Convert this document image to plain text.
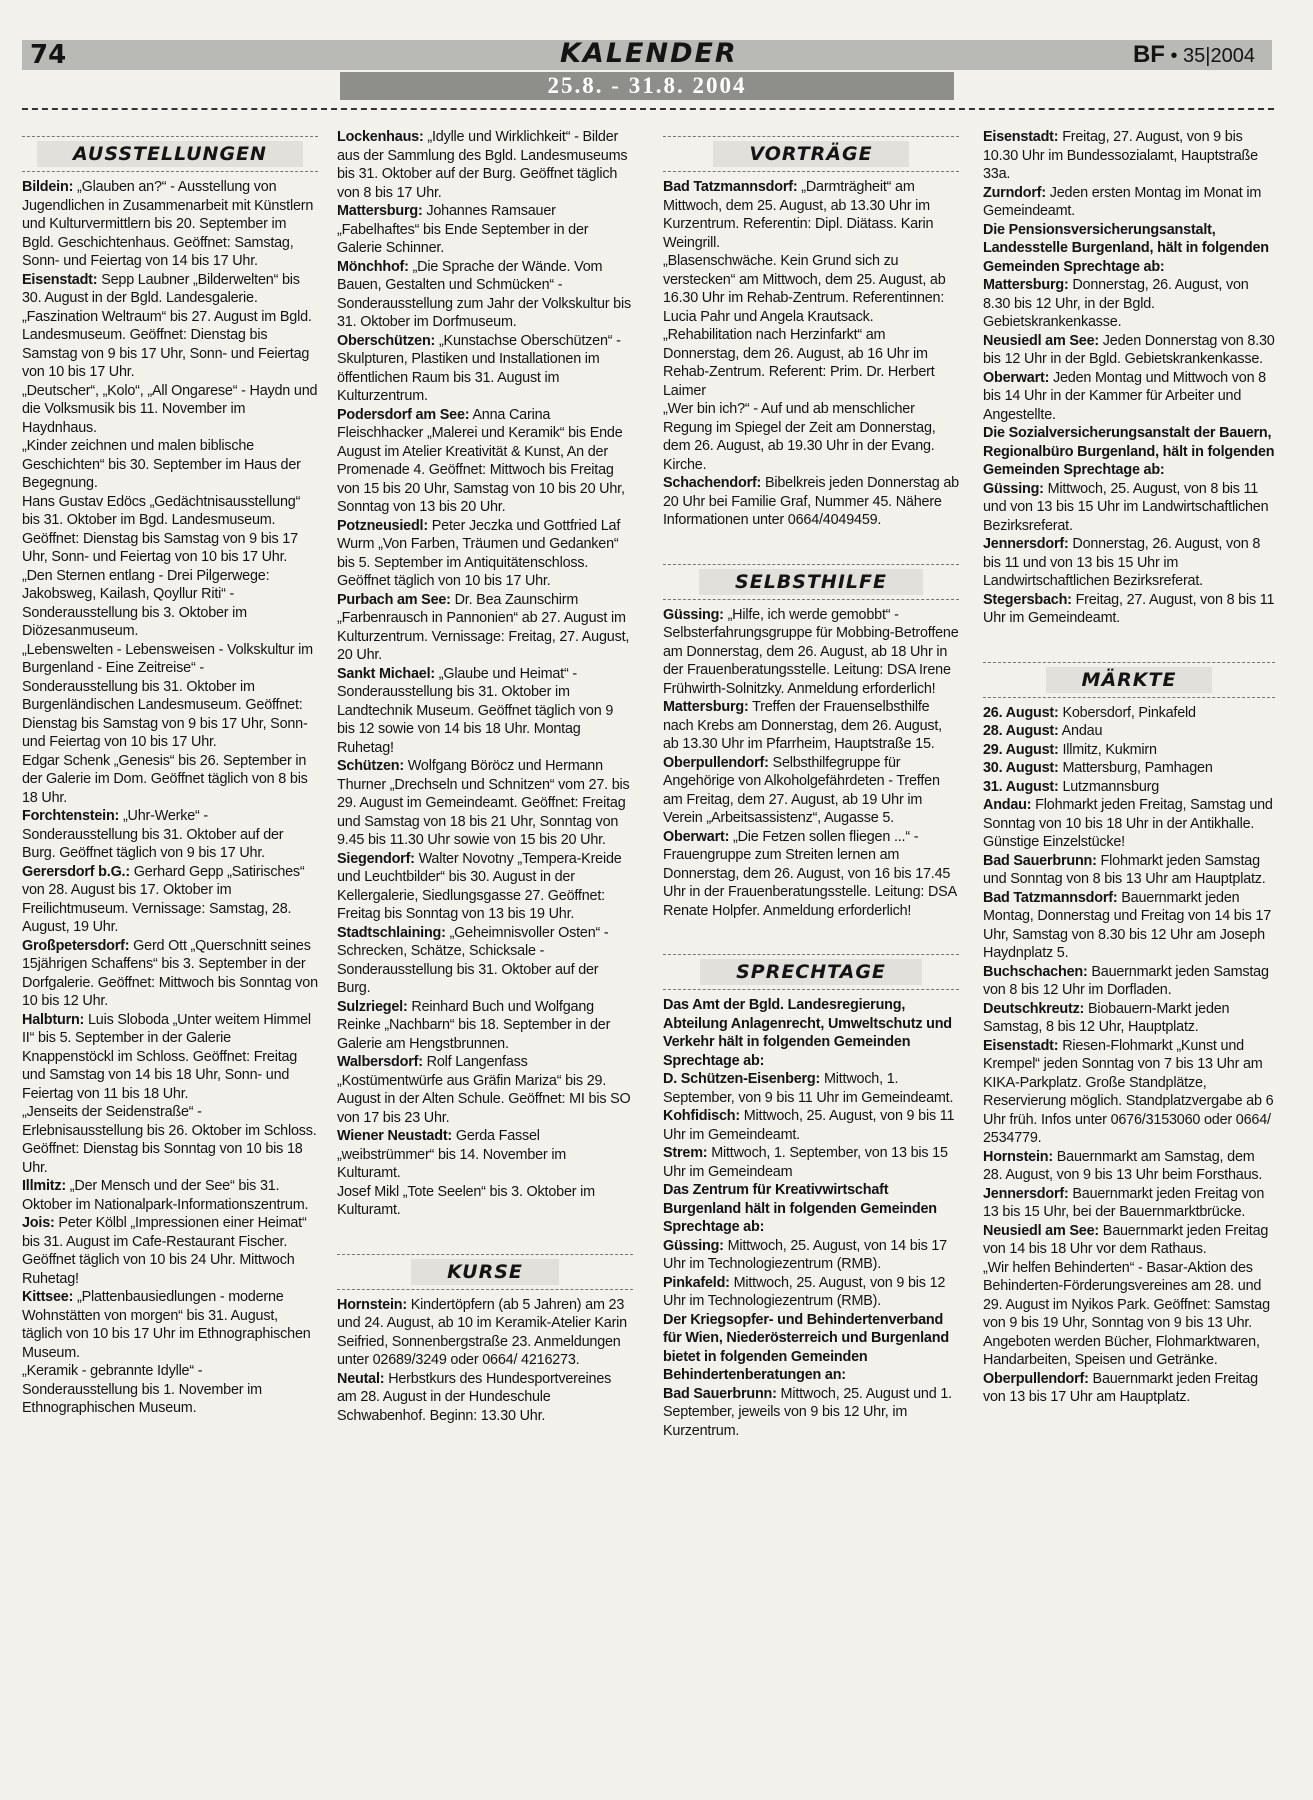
74	KALENDER	BF • 35|2004
25.8. - 31.8. 2004
AUSSTELLUNGEN

Bildein: „Glauben an?“ - Ausstellung von Jugendlichen in Zusammenarbeit mit Künstlern und Kulturvermittlern bis 20. September im Bgld. Geschichtenhaus. Geöffnet: Samstag, Sonn- und Feiertag von 14 bis 17 Uhr.

Eisenstadt: Sepp Laubner „Bilderwelten“ bis 30. August in der Bgld. Landesgalerie.

„Faszination Weltraum“ bis 27. August im Bgld. Landesmuseum. Geöffnet: Dienstag bis Samstag von 9 bis 17 Uhr, Sonn- und Feiertag von 10 bis 17 Uhr.

„Deutscher“, „Kolo“, „All Ongarese“ - Haydn und die Volksmusik bis 11. November im Haydnhaus.

„Kinder zeichnen und malen biblische Geschichten“ bis 30. September im Haus der Begegnung.

Hans Gustav Edöcs „Gedächtnisausstellung“ bis 31. Oktober im Bgd. Landesmuseum. Geöffnet: Dienstag bis Samstag von 9 bis 17 Uhr, Sonn- und Feiertag von 10 bis 17 Uhr.

„Den Sternen entlang - Drei Pilgerwege: Jakobsweg, Kailash, Qoyllur Riti“ - Sonderausstellung bis 3. Oktober im Diözesanmuseum.

„Lebenswelten - Lebensweisen - Volkskultur im Burgenland - Eine Zeitreise“ - Sonderausstellung bis 31. Oktober im Burgenländischen Landesmuseum. Geöffnet: Dienstag bis Samstag von 9 bis 17 Uhr, Sonn- und Feiertag von 10 bis 17 Uhr.

Edgar Schenk „Genesis“ bis 26. September in der Galerie im Dom. Geöffnet täglich von 8 bis 18 Uhr.

Forchtenstein: „Uhr-Werke“ - Sonderausstellung bis 31. Oktober auf der Burg. Geöffnet täglich von 9 bis 17 Uhr.

Gerersdorf b.G.: Gerhard Gepp „Satirisches“ von 28. August bis 17. Oktober im Freilichtmuseum. Vernissage: Samstag, 28. August, 19 Uhr.

Großpetersdorf: Gerd Ott „Querschnitt seines 15jährigen Schaffens“ bis 3. September in der Dorfgalerie. Geöffnet: Mittwoch bis Sonntag von 10 bis 12 Uhr.

Halbturn: Luis Sloboda „Unter weitem Himmel II“ bis 5. September in der Galerie Knappenstöckl im Schloss. Geöffnet: Freitag und Samstag von 14 bis 18 Uhr, Sonn- und Feiertag von 11 bis 18 Uhr.

„Jenseits der Seidenstraße“ - Erlebnisausstellung bis 26. Oktober im Schloss. Geöffnet: Dienstag bis Sonntag von 10 bis 18 Uhr.

Illmitz: „Der Mensch und der See“ bis 31. Oktober im Nationalpark-Informationszentrum.

Jois: Peter Kölbl „Impressionen einer Heimat“ bis 31. August im Cafe-Restaurant Fischer. Geöffnet täglich von 10 bis 24 Uhr. Mittwoch Ruhetag!

Kittsee: „Plattenbausiedlungen - moderne Wohnstätten von morgen“ bis 31. August, täglich von 10 bis 17 Uhr im Ethnographischen Museum.

„Keramik - gebrannte Idylle“ - Sonderausstellung bis 1. November im Ethnographischen Museum.

Lockenhaus: „Idylle und Wirklichkeit“ - Bilder aus der Sammlung des Bgld. Landesmuseums bis 31. Oktober auf der Burg. Geöffnet täglich von 8 bis 17 Uhr.

Mattersburg: Johannes Ramsauer „Fabelhaftes“ bis Ende September in der Galerie Schinner.

Mönchhof: „Die Sprache der Wände. Vom Bauen, Gestalten und Schmücken“ - Sonderausstellung zum Jahr der Volkskultur bis 31. Oktober im Dorfmuseum.

Oberschützen: „Kunstachse Oberschützen“ - Skulpturen, Plastiken und Installationen im öffentlichen Raum bis 31. August im Kulturzentrum.

Podersdorf am See: Anna Carina Fleischhacker „Malerei und Keramik“ bis Ende August im Atelier Kreativität & Kunst, An der Promenade 4. Geöffnet: Mittwoch bis Freitag von 15 bis 20 Uhr, Samstag von 10 bis 20 Uhr, Sonntag von 13 bis 20 Uhr.

Potzneusiedl: Peter Jeczka und Gottfried Laf Wurm „Von Farben, Träumen und Gedanken“ bis 5. September im Antiquitätenschloss. Geöffnet täglich von 10 bis 17 Uhr.

Purbach am See: Dr. Bea Zaunschirm „Farbenrausch in Pannonien“ ab 27. August im Kulturzentrum. Vernissage: Freitag, 27. August, 20 Uhr.

Sankt Michael: „Glaube und Heimat“ - Sonderausstellung bis 31. Oktober im Landtechnik Museum. Geöffnet täglich von 9 bis 12 sowie von 14 bis 18 Uhr. Montag Ruhetag!

Schützen: Wolfgang Böröcz und Hermann Thurner „Drechseln und Schnitzen“ vom 27. bis 29. August im Gemeindeamt. Geöffnet: Freitag und Samstag von 18 bis 21 Uhr, Sonntag von 9.45 bis 11.30 Uhr sowie von 15 bis 20 Uhr.

Siegendorf: Walter Novotny „Tempera-Kreide und Leuchtbilder“ bis 30. August in der Kellergalerie, Siedlungsgasse 27. Geöffnet: Freitag bis Sonntag von 13 bis 19 Uhr.

Stadtschlaining: „Geheimnisvoller Osten“ - Schrecken, Schätze, Schicksale - Sonderausstellung bis 31. Oktober auf der Burg.

Sulzriegel: Reinhard Buch und Wolfgang Reinke „Nachbarn“ bis 18. September in der Galerie am Hengstbrunnen.

Walbersdorf: Rolf Langenfass „Kostümentwürfe aus Gräfin Mariza“ bis 29. August in der Alten Schule. Geöffnet: MI bis SO von 17 bis 23 Uhr.

Wiener Neustadt: Gerda Fassel „weibstrümmer“ bis 14. November im Kulturamt.

Josef Mikl „Tote Seelen“ bis 3. Oktober im Kulturamt.

KURSE

Hornstein: Kindertöpfern (ab 5 Jahren) am 23 und 24. August, ab 10 im Keramik-Atelier Karin Seifried, Sonnenbergstraße 23. Anmeldungen unter 02689/3249 oder 0664/ 4216273.

Neutal: Herbstkurs des Hundesportvereines am 28. August in der Hundeschule Schwabenhof. Beginn: 13.30 Uhr.

VORTRÄGE

Bad Tatzmannsdorf: „Darmträgheit“ am Mittwoch, dem 25. August, ab 13.30 Uhr im Kurzentrum. Referentin: Dipl. Diätass. Karin Weingrill.

„Blasenschwäche. Kein Grund sich zu verstecken“ am Mittwoch, dem 25. August, ab 16.30 Uhr im Rehab-Zentrum. Referentinnen: Lucia Pahr und Angela Krautsack.

„Rehabilitation nach Herzinfarkt“ am Donnerstag, dem 26. August, ab 16 Uhr im Rehab-Zentrum. Referent: Prim. Dr. Herbert Laimer

„Wer bin ich?“ - Auf und ab menschlicher Regung im Spiegel der Zeit am Donnerstag, dem 26. August, ab 19.30 Uhr in der Evang. Kirche.

Schachendorf: Bibelkreis jeden Donnerstag ab 20 Uhr bei Familie Graf, Nummer 45. Nähere Informationen unter 0664/4049459.

SELBSTHILFE

Güssing: „Hilfe, ich werde gemobbt“ - Selbsterfahrungsgruppe für Mobbing-Betroffene am Donnerstag, dem 26. August, ab 18 Uhr in der Frauenberatungsstelle. Leitung: DSA Irene Frühwirth-Solnitzky. Anmeldung erforderlich!

Mattersburg: Treffen der Frauenselbsthilfe nach Krebs am Donnerstag, dem 26. August, ab 13.30 Uhr im Pfarrheim, Hauptstraße 15.

Oberpullendorf: Selbsthilfegruppe für Angehörige von Alkoholgefährdeten - Treffen am Freitag, dem 27. August, ab 19 Uhr im Verein „Arbeitsassistenz“, Augasse 5.

Oberwart: „Die Fetzen sollen fliegen ...“ - Frauengruppe zum Streiten lernen am Donnerstag, dem 26. August, von 16 bis 17.45 Uhr in der Frauenberatungsstelle. Leitung: DSA Renate Holpfer. Anmeldung erforderlich!

SPRECHTAGE

Das Amt der Bgld. Landesregierung, Abteilung Anlagenrecht, Umweltschutz und Verkehr hält in folgenden Gemeinden Sprechtage ab:

D. Schützen-Eisenberg: Mittwoch, 1. September, von 9 bis 11 Uhr im Gemeindeamt.

Kohfidisch: Mittwoch, 25. August, von 9 bis 11 Uhr im Gemeindeamt.

Strem: Mittwoch, 1. September, von 13 bis 15 Uhr im Gemeindeam

Das Zentrum für Kreativwirtschaft Burgenland hält in folgenden Gemeinden Sprechtage ab:

Güssing: Mittwoch, 25. August, von 14 bis 17 Uhr im Technologiezentrum (RMB).

Pinkafeld: Mittwoch, 25. August, von 9 bis 12 Uhr im Technologiezentrum (RMB).

Der Kriegsopfer- und Behindertenverband für Wien, Niederösterreich und Burgenland bietet in folgenden Gemeinden Behindertenberatungen an:

Bad Sauerbrunn: Mittwoch, 25. August und 1. September, jeweils von 9 bis 12 Uhr, im Kurzentrum.

Eisenstadt: Freitag, 27. August, von 9 bis 10.30 Uhr im Bundessozialamt, Hauptstraße 33a.

Zurndorf: Jeden ersten Montag im Monat im Gemeindeamt.

Die Pensionsversicherungsanstalt, Landesstelle Burgenland, hält in folgenden Gemeinden Sprechtage ab:

Mattersburg: Donnerstag, 26. August, von 8.30 bis 12 Uhr, in der Bgld. Gebietskrankenkasse.

Neusiedl am See: Jeden Donnerstag von 8.30 bis 12 Uhr in der Bgld. Gebietskrankenkasse.

Oberwart: Jeden Montag und Mittwoch von 8 bis 14 Uhr in der Kammer für Arbeiter und Angestellte.

Die Sozialversicherungsanstalt der Bauern, Regionalbüro Burgenland, hält in folgenden Gemeinden Sprechtage ab:

Güssing: Mittwoch, 25. August, von 8 bis 11 und von 13 bis 15 Uhr im Landwirtschaftlichen Bezirksreferat.

Jennersdorf: Donnerstag, 26. August, von 8 bis 11 und von 13 bis 15 Uhr im Landwirtschaftlichen Bezirksreferat.

Stegersbach: Freitag, 27. August, von 8 bis 11 Uhr im Gemeindeamt.

MÄRKTE

26. August: Kobersdorf, Pinkafeld

28. August: Andau

29. August: Illmitz, Kukmirn

30. August: Mattersburg, Pamhagen

31. August: Lutzmannsburg

Andau: Flohmarkt jeden Freitag, Samstag und Sonntag von 10 bis 18 Uhr in der Antikhalle. Günstige Einzelstücke!

Bad Sauerbrunn: Flohmarkt jeden Samstag und Sonntag von 8 bis 13 Uhr am Hauptplatz.

Bad Tatzmannsdorf: Bauernmarkt jeden Montag, Donnerstag und Freitag von 14 bis 17 Uhr, Samstag von 8.30 bis 12 Uhr am Joseph Haydnplatz 5.

Buchschachen: Bauernmarkt jeden Samstag von 8 bis 12 Uhr im Dorfladen.

Deutschkreutz: Biobauern-Markt jeden Samstag, 8 bis 12 Uhr, Hauptplatz.

Eisenstadt: Riesen-Flohmarkt „Kunst und Krempel“ jeden Sonntag von 7 bis 13 Uhr am KIKA-Parkplatz. Große Standplätze, Reservierung möglich. Standplatzvergabe ab 6 Uhr früh. Infos unter 0676/3153060 oder 0664/ 2534779.

Hornstein: Bauernmarkt am Samstag, dem 28. August, von 9 bis 13 Uhr beim Forsthaus.

Jennersdorf: Bauernmarkt jeden Freitag von 13 bis 15 Uhr, bei der Bauernmarktbrücke.

Neusiedl am See: Bauernmarkt jeden Freitag von 14 bis 18 Uhr vor dem Rathaus.

„Wir helfen Behinderten“ - Basar-Aktion des Behinderten-Förderungsvereines am 28. und 29. August im Nyikos Park. Geöffnet: Samstag von 9 bis 19 Uhr, Sonntag von 9 bis 13 Uhr. Angeboten werden Bücher, Flohmarktwaren, Handarbeiten, Speisen und Getränke.

Oberpullendorf: Bauernmarkt jeden Freitag von 13 bis 17 Uhr am Hauptplatz.
